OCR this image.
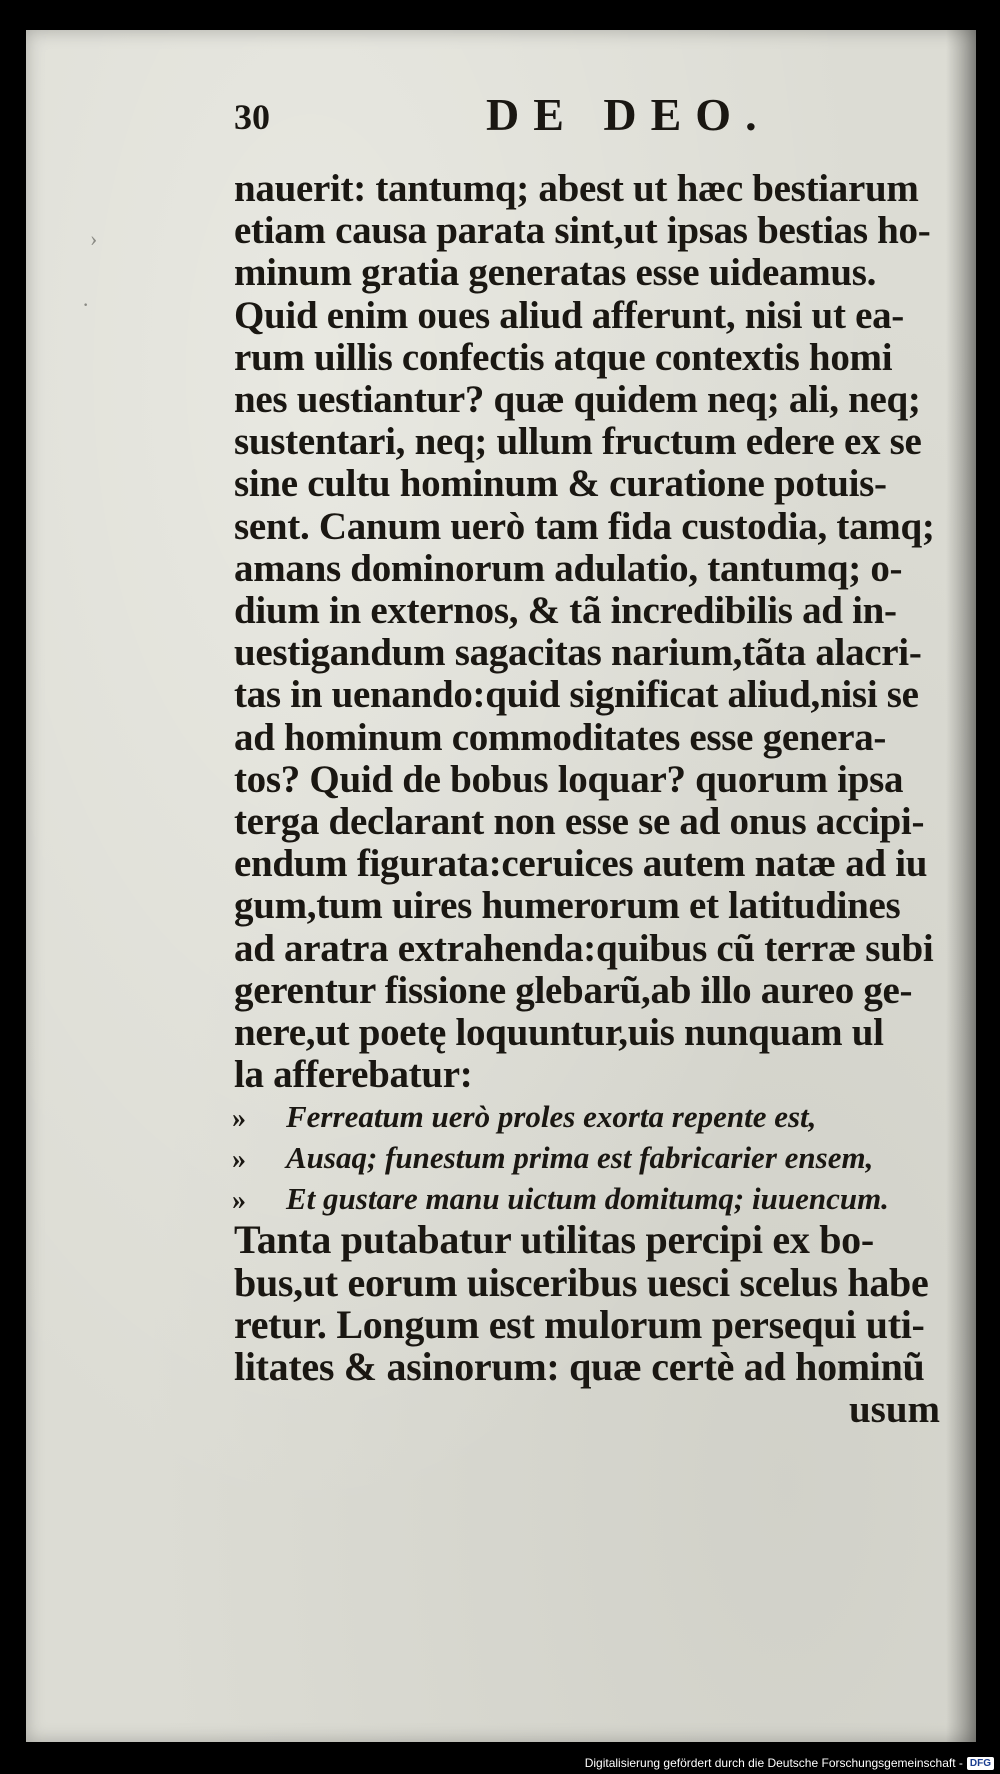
›
·
30	DE DEO.
nauerit: tantumq; abest ut hæc bestiarum
etiam causa parata sint,ut ipsas bestias ho-
minum gratia generatas esse uideamus.
Quid enim oues aliud afferunt, nisi ut ea-
rum uillis confectis atque contextis homi
nes uestiantur? quæ quidem neq; ali, neq;
sustentari, neq; ullum fructum edere ex se
sine cultu hominum & curatione potuis-
sent. Canum uerò tam fida custodia, tamq;
amans dominorum adulatio, tantumq; o-
dium in externos, & tã incredibilis ad in-
uestigandum sagacitas narium,tãta alacri-
tas in uenando:quid significat aliud,nisi se
ad hominum commoditates esse genera-
tos? Quid de bobus loquar? quorum ipsa
terga declarant non esse se ad onus accipi-
endum figurata:ceruices autem natæ ad iu
gum,tum uires humerorum et latitudines
ad aratra extrahenda:quibus cũ terræ subi
gerentur fissione glebarũ,ab illo aureo ge-
nere,ut poetę loquuntur,uis nunquam ul
la afferebatur:
» Ferreatum uerò proles exorta repente est,
» Ausaq; funestum prima est fabricarier ensem,
» Et gustare manu uictum domitumq; iuuencum.
Tanta putabatur utilitas percipi ex bo-
bus,ut eorum uisceribus uesci scelus habe
retur. Longum est mulorum persequi uti-
litates & asinorum: quæ certè ad hominũ
usum
Digitalisierung gefördert durch die Deutsche Forschungsgemeinschaft - DFG
